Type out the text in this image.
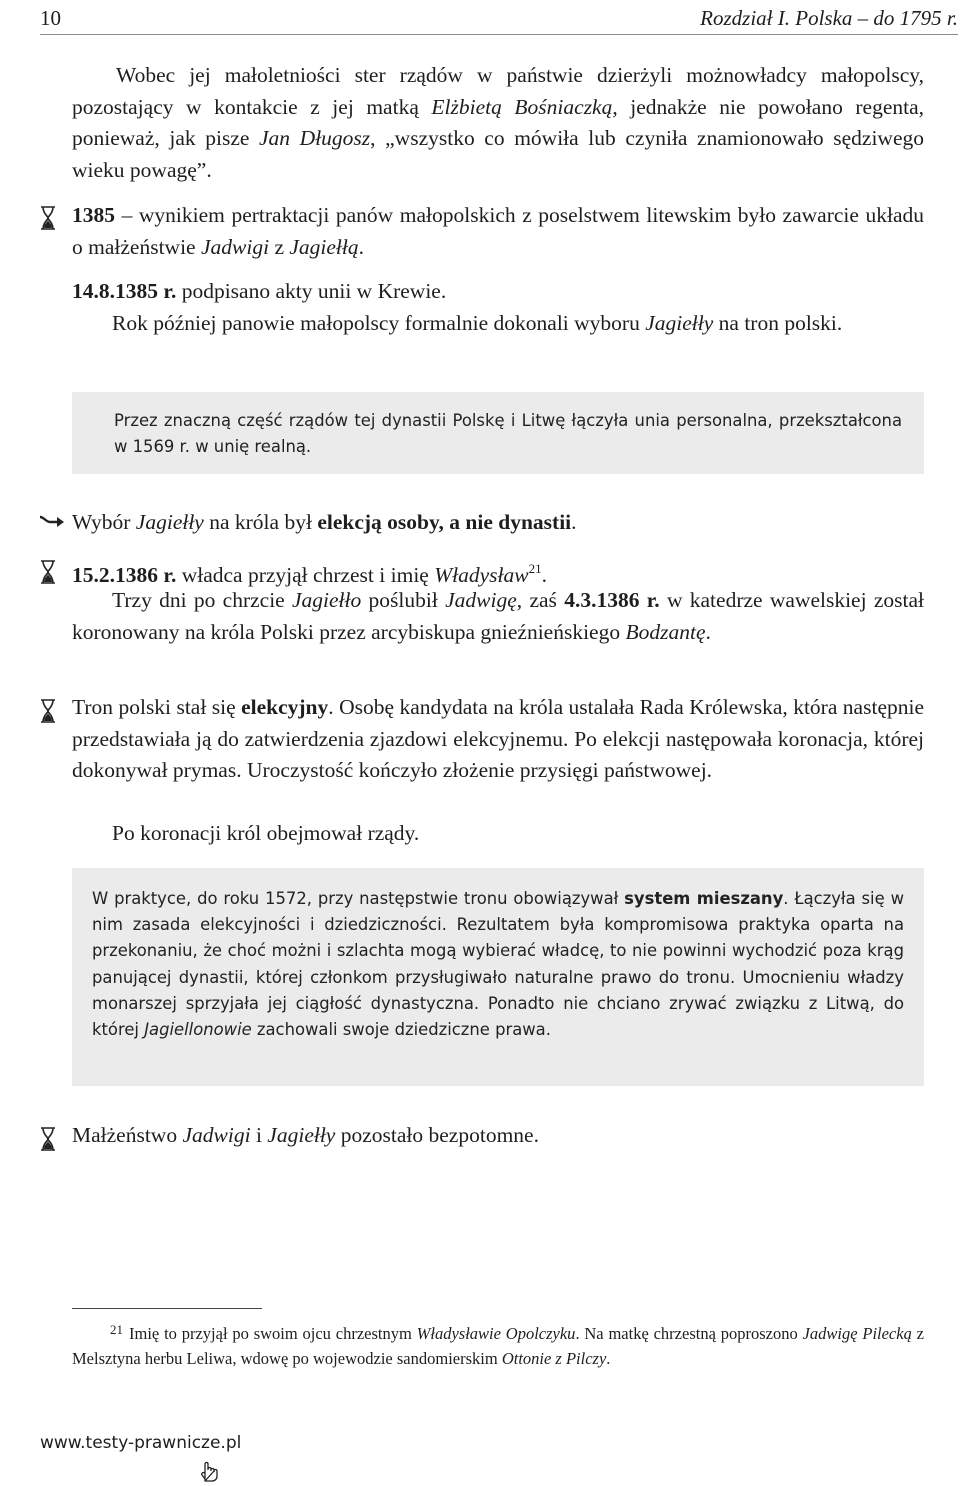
10	Rozdział I. Polska – do 1795 r.

Wobec jej małoletniości ster rządów w państwie dzierżyli możnowładcy małopolscy, pozostający w kontakcie z jej matką Elżbietą Bośniaczką, jednakże nie powołano regenta, ponieważ, jak pisze Jan Długosz, „wszystko co mówiła lub czyniła znamionowało sędziwego wieku powagę”.

1385 – wynikiem pertraktacji panów małopolskich z poselstwem litewskim było zawarcie układu o małżeństwie Jadwigi z Jagiełłą.

14.8.1385 r. podpisano akty unii w Krewie.

Rok później panowie małopolscy formalnie dokonali wyboru Jagiełły na tron polski.

Przez znaczną część rządów tej dynastii Polskę i Litwę łączyła unia personalna, przekształcona w 1569 r. w unię realną.

Wybór Jagiełły na króla był elekcją osoby, a nie dynastii.

15.2.1386 r. władca przyjął chrzest i imię Władysław$^{21}$.

Trzy dni po chrzcie Jagiełło poślubił Jadwigę, zaś 4.3.1386 r. w katedrze wawelskiej został koronowany na króla Polski przez arcybiskupa gnieźnieńskiego Bodzantę.

Tron polski stał się elekcyjny. Osobę kandydata na króla ustalała Rada Królewska, która następnie przedstawiała ją do zatwierdzenia zjazdowi elekcyjnemu. Po elekcji następowała koronacja, której dokonywał prymas. Uroczystość kończyło złożenie przysięgi państwowej.

Po koronacji król obejmował rządy.

W praktyce, do roku 1572, przy następstwie tronu obowiązywał system mieszany. Łączyła się w nim zasada elekcyjności i dziedziczności. Rezultatem była kompromisowa praktyka oparta na przekonaniu, że choć możni i szlachta mogą wybierać władcę, to nie powinni wychodzić poza krąg panującej dynastii, której członkom przysługiwało naturalne prawo do tronu. Umocnieniu władzy monarszej sprzyjała jej ciągłość dynastyczna. Ponadto nie chciano zrywać związku z Litwą, do której Jagiellonowie zachowali swoje dziedziczne prawa.

Małżeństwo Jadwigi i Jagiełły pozostało bezpotomne.

$^{21}$ Imię to przyjął po swoim ojcu chrzestnym Władysławie Opolczyku. Na matkę chrzestną poproszono Jadwigę Pilecką z Melsztyna herbu Leliwa, wdowę po wojewodzie sandomierskim Ottonie z Pilczy.
www.testy-prawnicze.pl
